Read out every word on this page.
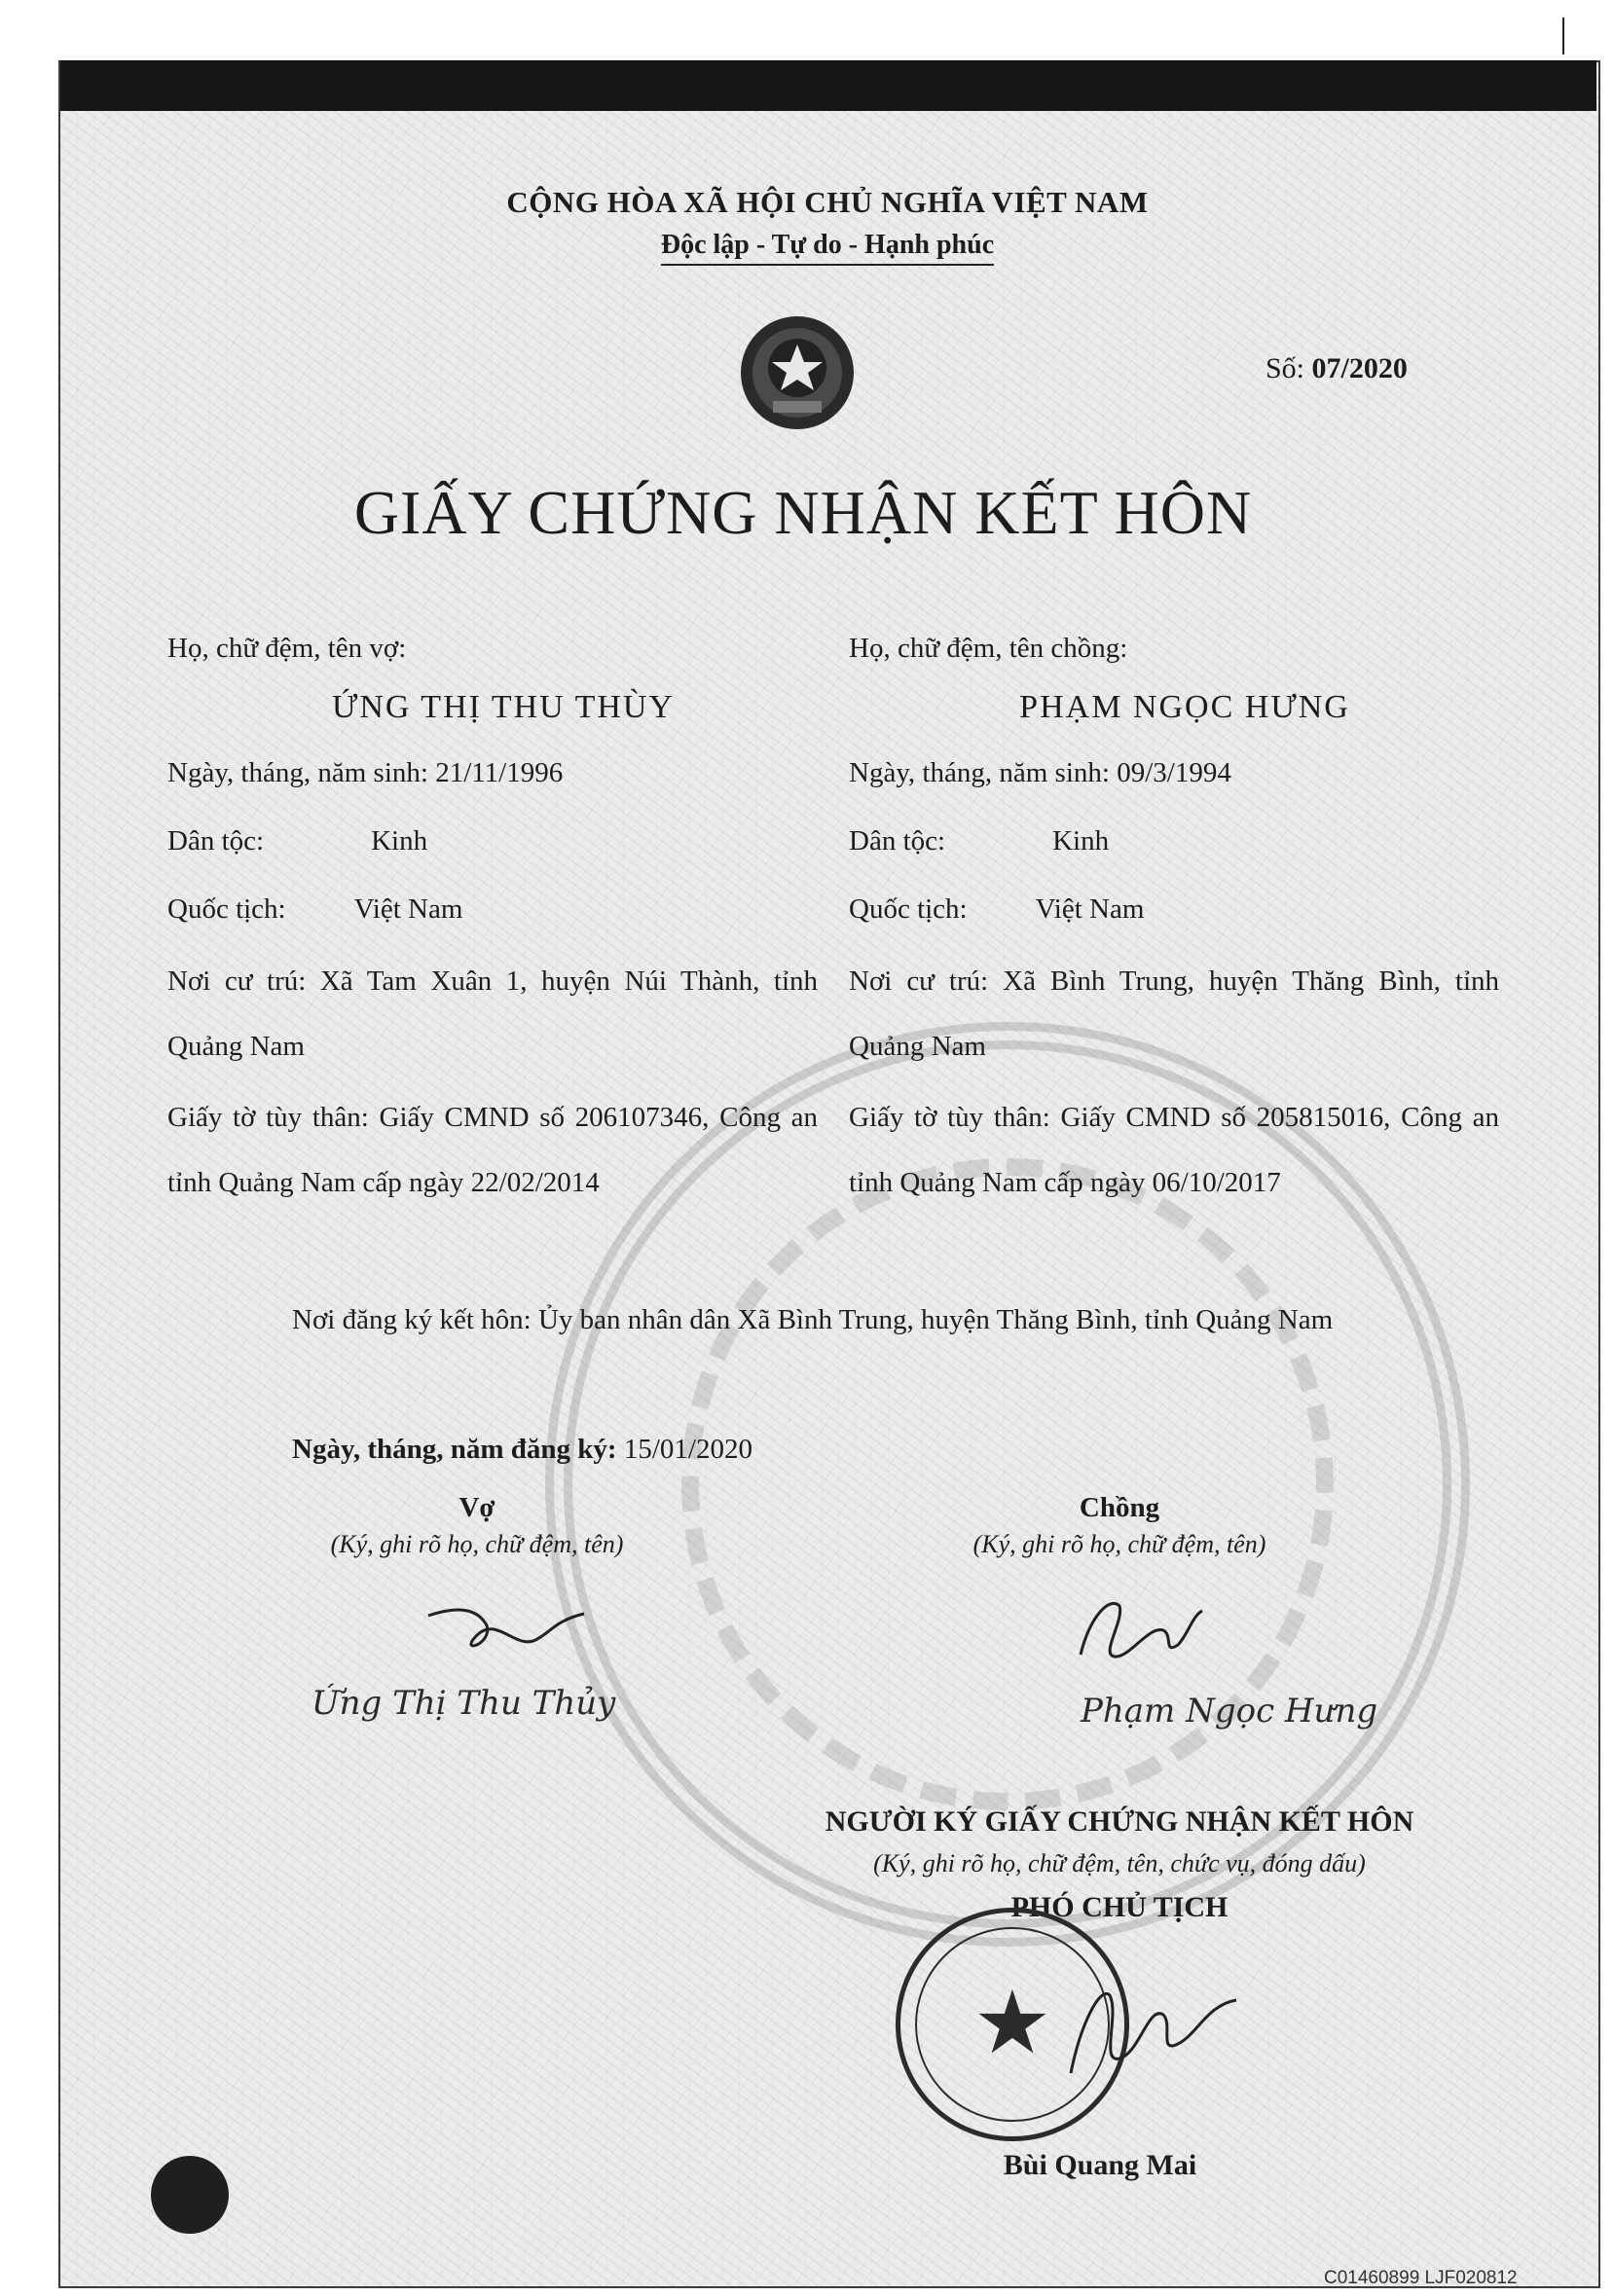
CỘNG HÒA XÃ HỘI CHỦ NGHĨA VIỆT NAM
Độc lập - Tự do - Hạnh phúc
Số: 07/2020
GIẤY CHỨNG NHẬN KẾT HÔN
Họ, chữ đệm, tên vợ:
ỨNG THỊ THU THÙY
Ngày, tháng, năm sinh: 21/11/1996
Dân tộc:	Kinh
Quốc tịch: Việt Nam
Nơi cư trú: Xã Tam Xuân 1, huyện Núi Thành, tỉnh Quảng Nam
Giấy tờ tùy thân: Giấy CMND số 206107346, Công an tỉnh Quảng Nam cấp ngày 22/02/2014
Họ, chữ đệm, tên chồng:
PHẠM NGỌC HƯNG
Ngày, tháng, năm sinh: 09/3/1994
Dân tộc:	Kinh
Quốc tịch: Việt Nam
Nơi cư trú: Xã Bình Trung, huyện Thăng Bình, tỉnh Quảng Nam
Giấy tờ tùy thân: Giấy CMND số 205815016, Công an tỉnh Quảng Nam cấp ngày 06/10/2017
Nơi đăng ký kết hôn: Ủy ban nhân dân Xã Bình Trung, huyện Thăng Bình, tỉnh Quảng Nam
Ngày, tháng, năm đăng ký: 15/01/2020
Vợ
(Ký, ghi rõ họ, chữ đệm, tên)
Ứng Thị Thu Thủy
Chồng
(Ký, ghi rõ họ, chữ đệm, tên)
Phạm Ngọc Hưng
NGƯỜI KÝ GIẤY CHỨNG NHẬN KẾT HÔN
(Ký, ghi rõ họ, chữ đệm, tên, chức vụ, đóng dấu)
PHÓ CHỦ TỊCH
★
Bùi Quang Mai
C01460899 LJF020812
